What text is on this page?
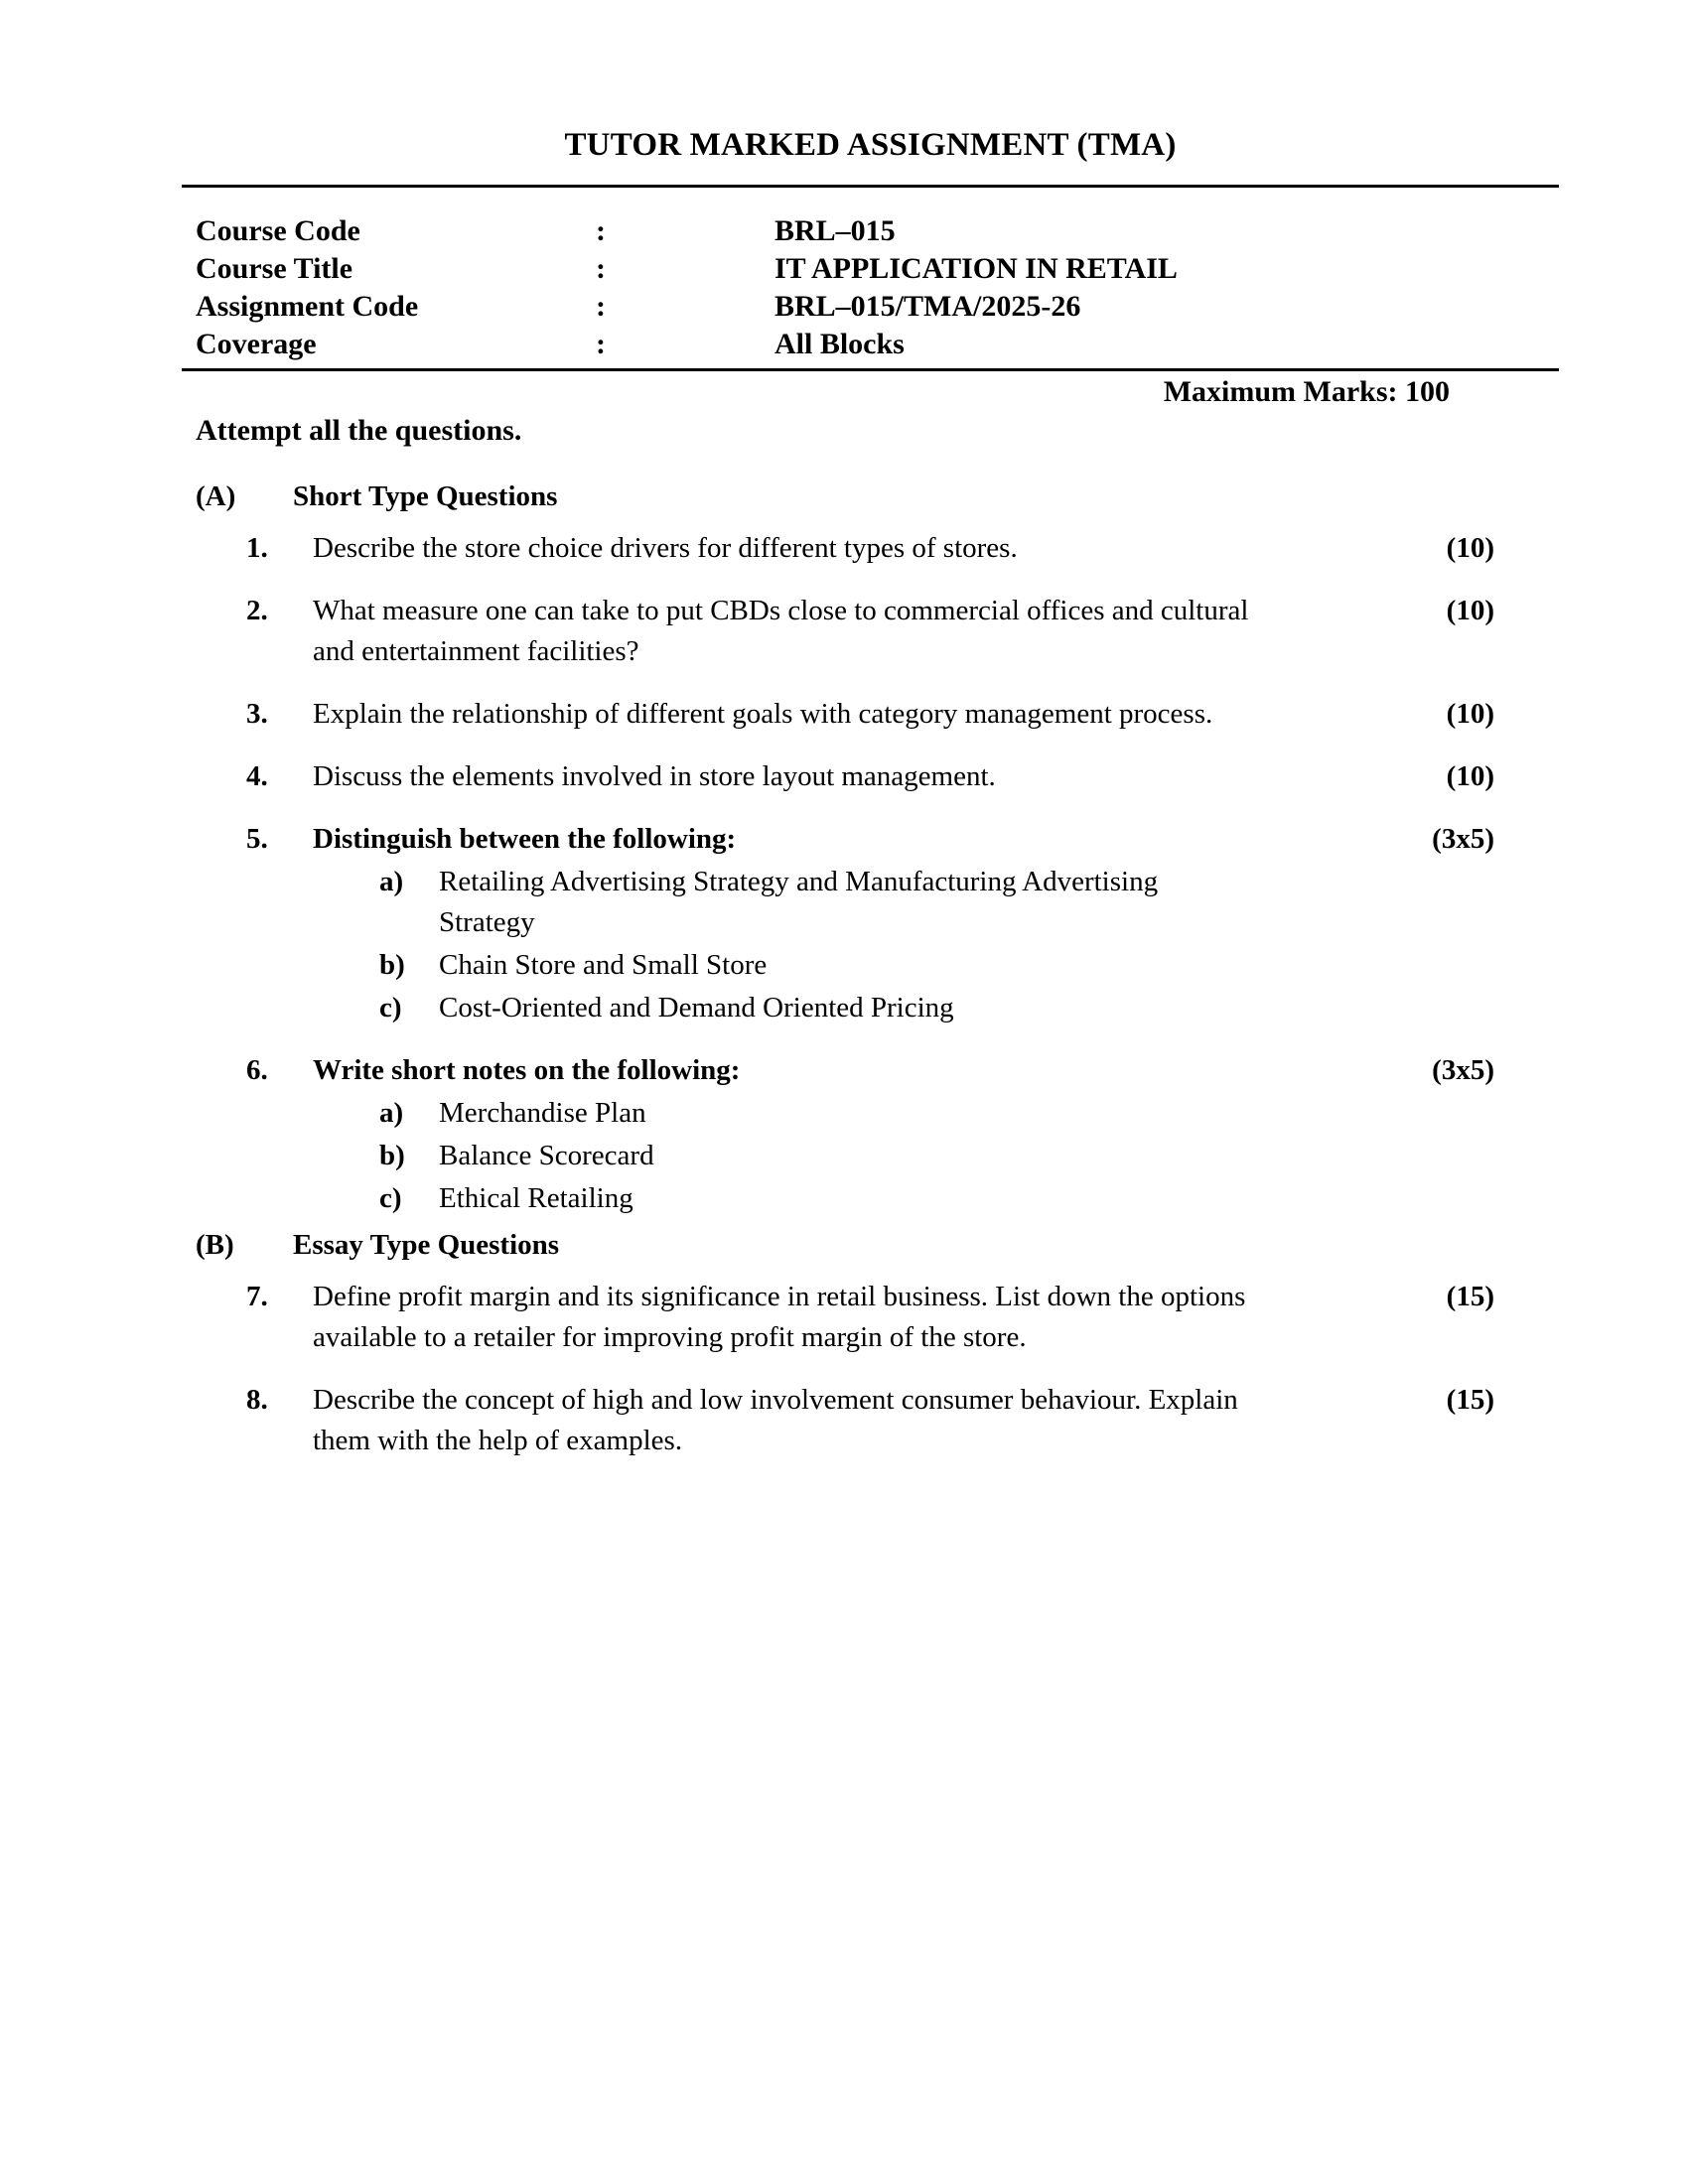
TUTOR MARKED ASSIGNMENT (TMA)
Course Code	:	BRL–015
Course Title	:	IT APPLICATION IN RETAIL
Assignment Code	:	BRL–015/TMA/2025-26
Coverage	:	All Blocks
Maximum Marks: 100
Attempt all the questions.
(A)	Short Type Questions
1.	Describe the store choice drivers for different types of stores.	(10)
2.	What measure one can take to put CBDs close to commercial offices and cultural and entertainment facilities?
(10)
3.	Explain the relationship of different goals with category management process.	(10)
4.	Discuss the elements involved in store layout management.	(10)
5.	Distinguish between the following:
a)	Retailing Advertising Strategy and Manufacturing Advertising Strategy
b)	Chain Store and Small Store
c)	Cost-Oriented and Demand Oriented Pricing
(3x5)
6.	Write short notes on the following:
a)	Merchandise Plan
b)	Balance Scorecard
c)	Ethical Retailing
(3x5)
(B)	Essay Type Questions
7.	Define profit margin and its significance in retail business. List down the options available to a retailer for improving profit margin of the store.
(15)
8.	Describe the concept of high and low involvement consumer behaviour. Explain them with the help of examples.
(15)
